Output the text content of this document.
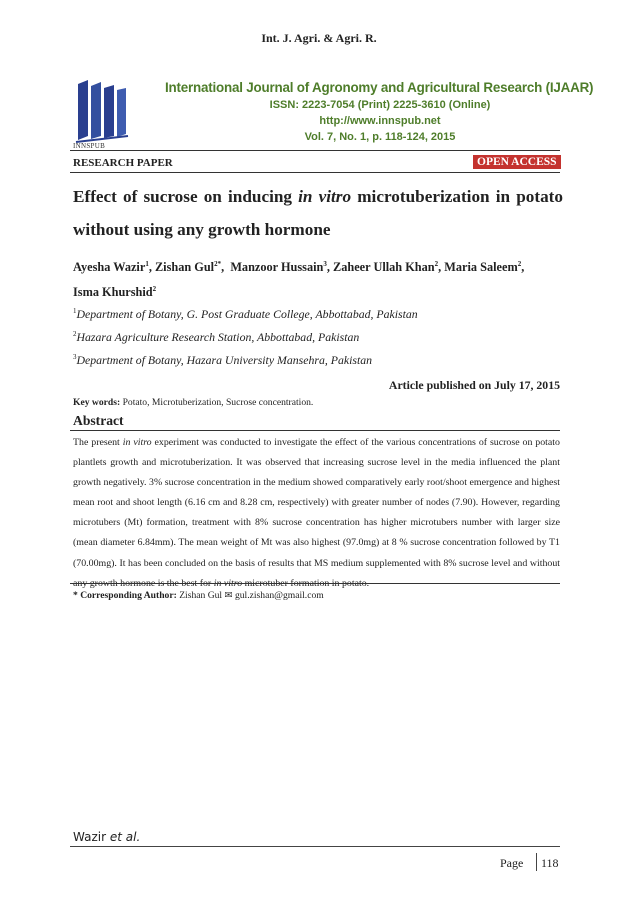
Int. J. Agri. & Agri. R.
INNSPUB
International Journal of Agronomy and Agricultural Research (IJAAR)
ISSN: 2223-7054 (Print) 2225-3610 (Online)
http://www.innspub.net
Vol. 7, No. 1, p. 118-124, 2015
RESEARCH PAPER	OPEN ACCESS
Effect of sucrose on inducing in vitro microtuberization in potato without using any growth hormone
Ayesha Wazir$^1$, Zishan Gul$^{2*}$,  Manzoor Hussain$^3$, Zaheer Ullah Khan$^2$, Maria Saleem$^2$,
Isma Khurshid$^2$
$^1$Department of Botany, G. Post Graduate College, Abbottabad, Pakistan
$^2$Hazara Agriculture Research Station, Abbottabad, Pakistan
$^3$Department of Botany, Hazara University Mansehra, Pakistan
Article published on July 17, 2015
Key words: Potato, Microtuberization, Sucrose concentration.
Abstract
The present in vitro experiment was conducted to investigate the effect of the various concentrations of sucrose on potato plantlets growth and microtuberization. It was observed that increasing sucrose level in the media influenced the plant growth negatively. 3% sucrose concentration in the medium showed comparatively early root/shoot emergence and highest mean root and shoot length (6.16 cm and 8.28 cm, respectively) with greater number of nodes (7.90). However, regarding microtubers (Mt) formation, treatment with 8% sucrose concentration has higher microtubers number with larger size (mean diameter 6.84mm). The mean weight of Mt was also highest (97.0mg) at 8 % sucrose concentration followed by T1 (70.00mg). It has been concluded on the basis of results that MS medium supplemented with 8% sucrose level and without any growth hormone is the best for in vitro microtuber formation in potato.
* Corresponding Author: Zishan Gul ✉ gul.zishan@gmail.com
Wazir et al.
Page 118
